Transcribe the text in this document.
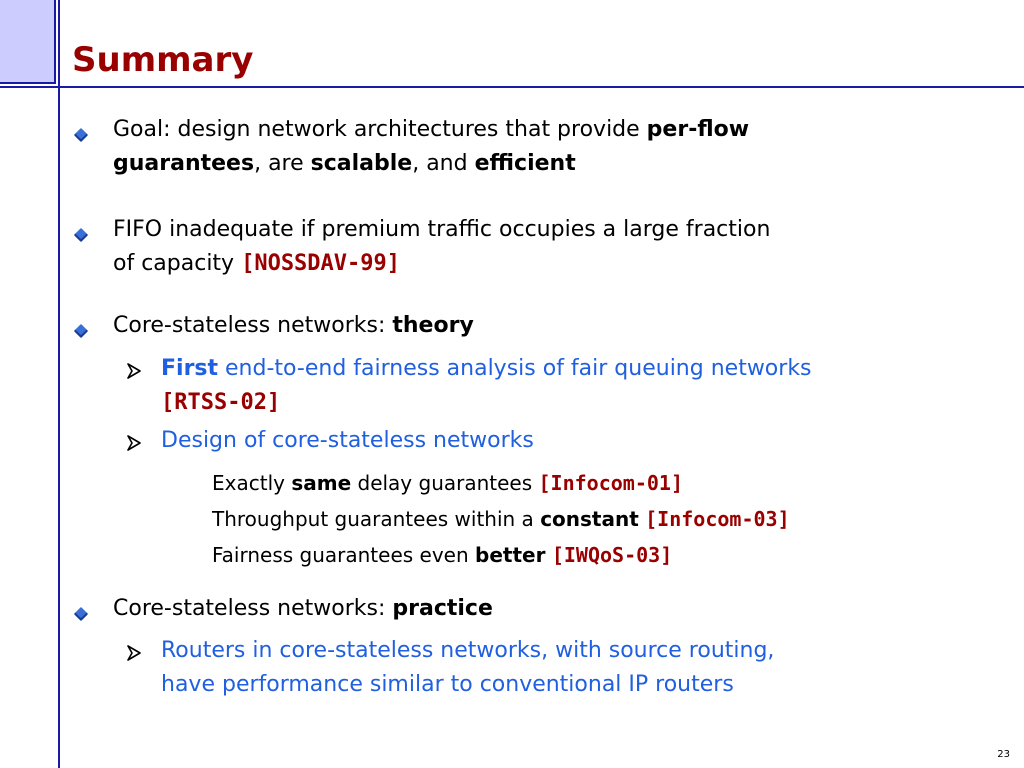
Summary
Goal: design network architectures that provide per-flow
guarantees, are scalable, and efficient
FIFO inadequate if premium traffic occupies a large fraction
of capacity [NOSSDAV-99]
Core-stateless networks: theory
First end-to-end fairness analysis of fair queuing networks
[RTSS-02]
Design of core-stateless networks
Exactly same delay guarantees [Infocom-01]
Throughput guarantees within a constant [Infocom-03]
Fairness guarantees even better [IWQoS-03]
Core-stateless networks: practice
Routers in core-stateless networks, with source routing,
have performance similar to conventional IP routers
23
